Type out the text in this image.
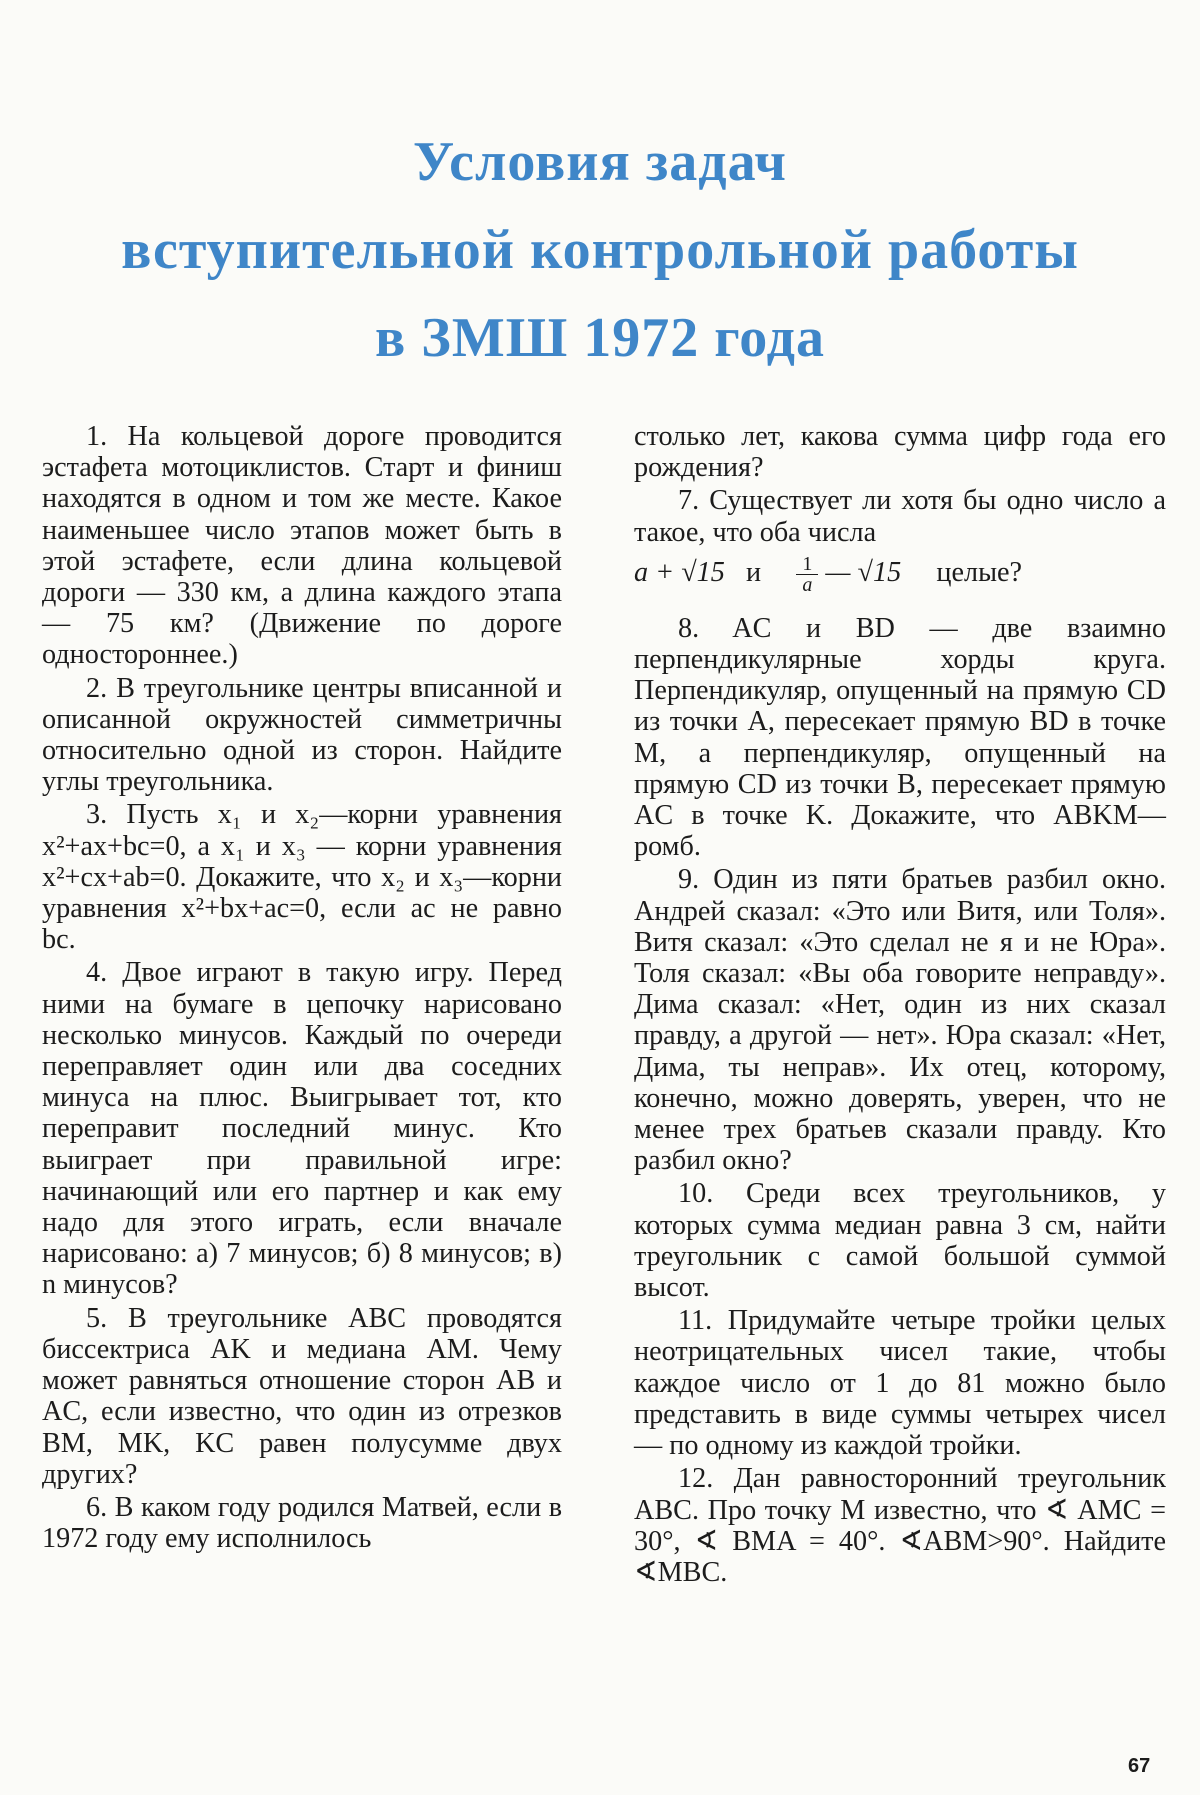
Условия задач
вступительной контрольной работы
в ЗМШ 1972 года

1. На кольцевой дороге проводится эстафета мотоциклистов. Старт и финиш находятся в одном и том же месте. Какое наименьшее число этапов может быть в этой эстафете, если длина кольцевой дороги — 330 км, а длина каждого этапа — 75 км? (Движение по дороге одностороннее.)

2. В треугольнике центры вписанной и описанной окружностей симметричны относительно одной из сторон. Найдите углы треугольника.

3. Пусть x₁ и x₂—корни уравнения x²+ax+bc=0, а x₁ и x₃ — корни уравнения x²+cx+ab=0. Докажите, что x₂ и x₃—корни уравнения x²+bx+ac=0, если ac не равно bc.

4. Двое играют в такую игру. Перед ними на бумаге в цепочку нарисовано несколько минусов. Каждый по очереди переправляет один или два соседних минуса на плюс. Выигрывает тот, кто переправит последний минус. Кто выиграет при правильной игре: начинающий или его партнер и как ему надо для этого играть, если вначале нарисовано: а) 7 минусов; б) 8 минусов; в) n минусов?

5. В треугольнике ABC проводятся биссектриса AK и медиана AM. Чему может равняться отношение сторон AB и AC, если известно, что один из отрезков BM, MK, KC равен полусумме двух других?

6. В каком году родился Матвей, если в 1972 году ему исполнилось

столько лет, какова сумма цифр года его рождения?

7. Существует ли хотя бы одно число a такое, что оба числа

a + √15 и $\frac{1}{a}$ — √15 целые?

8. AC и BD — две взаимно перпендикулярные хорды круга. Перпендикуляр, опущенный на прямую CD из точки A, пересекает прямую BD в точке M, а перпендикуляр, опущенный на прямую CD из точки B, пересекает прямую AC в точке K. Докажите, что ABKM—ромб.

9. Один из пяти братьев разбил окно. Андрей сказал: «Это или Витя, или Толя». Витя сказал: «Это сделал не я и не Юра». Толя сказал: «Вы оба говорите неправду». Дима сказал: «Нет, один из них сказал правду, а другой — нет». Юра сказал: «Нет, Дима, ты неправ». Их отец, которому, конечно, можно доверять, уверен, что не менее трех братьев сказали правду. Кто разбил окно?

10. Среди всех треугольников, у которых сумма медиан равна 3 см, найти треугольник с самой большой суммой высот.

11. Придумайте четыре тройки целых неотрицательных чисел такие, чтобы каждое число от 1 до 81 можно было представить в виде суммы четырех чисел — по одному из каждой тройки.

12. Дан равносторонний треугольник ABC. Про точку M известно, что ∢ AMC = 30°, ∢ BMA = 40°. ∢ABM>90°. Найдите ∢MBC.

67
